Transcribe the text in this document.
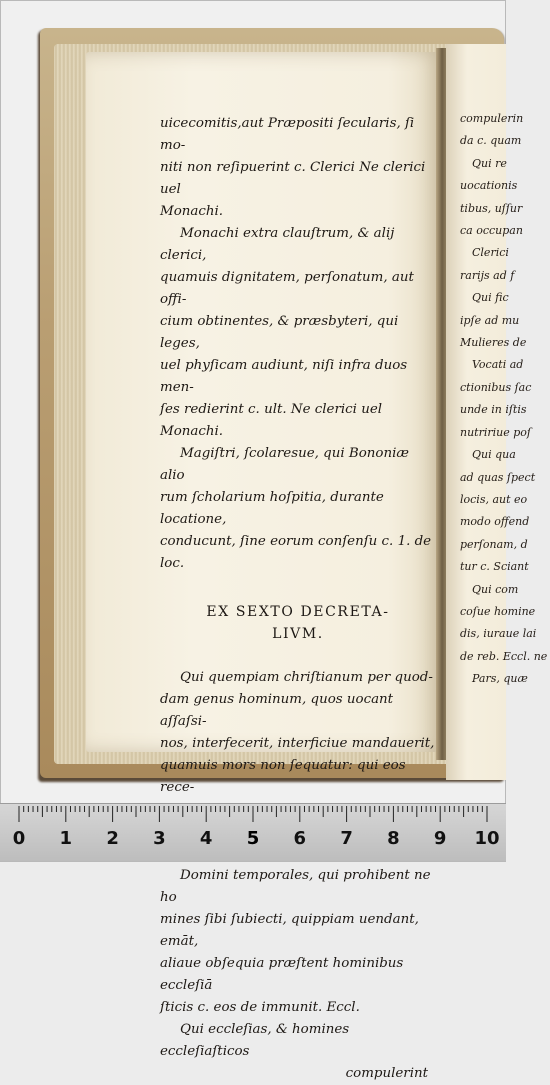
compulerin
da c. quam
Qui re
uocationis
tibus, uſſur
ca occupan
Clerici
rarijs ad f
Qui fic
ipſe ad mu
Mulieres de
Vocati ad
ctionibus ſac
unde in iſtis
nutririue poſ
Qui qua
ad quas ſpect
locis, aut eo
modo offend
perſonam, d
tur c. Sciant
Qui com
coſue homine
dis, iuraue lai
de reb. Eccl. ne
Pars, quæ

uicecomitis,aut Præpositi ſecularis, ſi mo-

niti non reſipuerint c. Clerici Ne clerici uel

Monachi.

Monachi extra clauſtrum, & alij clerici,

quamuis dignitatem, perſonatum, aut offi-

cium obtinentes, & præsbyteri, qui leges,

uel phyſicam audiunt, niſi infra duos men-

ſes redierint c. ult. Ne clerici uel Monachi.

Magiſtri, ſcolaresue, qui Bononiæ alio

rum ſcholarium hoſpitia, durante locatione,

conducunt, ſine eorum conſenſu c. 1. de loc.

EX SEXTO DECRETA-
LIVM.

Qui quempiam chriſtianum per quod-

dam genus hominum, quos uocant aſſaſsi-

nos, interfecerit, interficiue mandauerit,

quamuis mors non ſequatur: qui eos rece-

Domini temporales, qui prohibent ne ho

mines ſibi ſubiecti, quippiam uendant, emāt,

aliaue obſequia præſtent hominibus eccleſiā

ſticis c. eos de immunit. Eccl.

Qui eccleſias, & homines eccleſiaſticos

compulerint

0 1 2 3 4 5 6 7 8 9 10
